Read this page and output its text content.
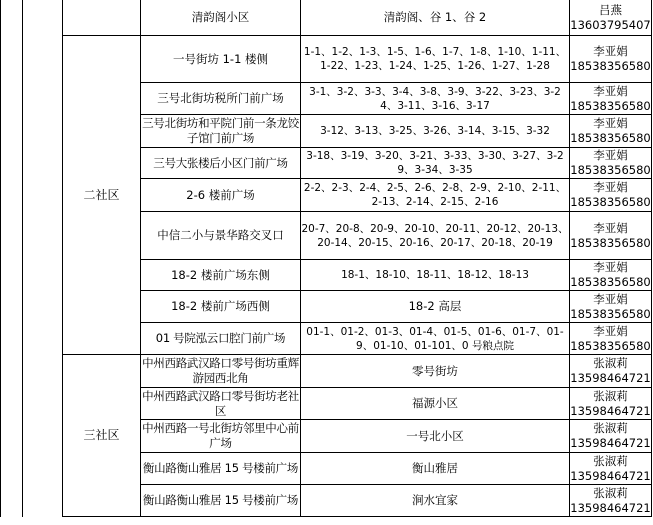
			清韵阁小区	清韵阁、谷 1、谷 2	吕燕
13603795407

		二社区	一号街坊 1-1 楼侧	1-1、1-2、1-3、1-5、1-6、1-7、1-8、1-10、1-11、1-22、1-23、1-24、1-25、1-26、1-27、1-28	李亚娟
18538356580

			三号北街坊税所门前广场	3-1、3-2、3-3、3-4、3-8、3-9、3-22、3-23、3-24、3-11、3-16、3-17	李亚娟
18538356580

			三号北街坊和平院门前一条龙饺子馆门前广场	3-12、3-13、3-25、3-26、3-14、3-15、3-32	李亚娟
18538356580

			三号大张楼后小区门前广场	3-18、3-19、3-20、3-21、3-33、3-30、3-27、3-29、3-34、3-35	李亚娟
18538356580

			2-6 楼前广场	2-2、2-3、2-4、2-5、2-6、2-8、2-9、2-10、2-11、2-13、2-14、2-15、2-16	李亚娟
18538356580

			中信二小与景华路交叉口	20-7、20-8、20-9、20-10、20-11、20-12、20-13、20-14、20-15、20-16、20-17、20-18、20-19	李亚娟
18538356580

			18-2 楼前广场东侧	18-1、18-10、18-11、18-12、18-13	李亚娟
18538356580

			18-2 楼前广场西侧	18-2 高层	李亚娟
18538356580

			01 号院泓云口腔门前广场	01-1、01-2、01-3、01-4、01-5、01-6、01-7、01-9、01-10、01-101、0 号粮点院	李亚娟
18538356580

		三社区	中州西路武汉路口零号街坊重辉游园西北角	零号街坊	张淑莉
13598464721

			中州西路武汉路口零号街坊老社区	福源小区	张淑莉
13598464721

			中州西路一号北街坊邻里中心前广场	一号北小区	张淑莉
13598464721

			衡山路衡山雅居 15 号楼前广场	衡山雅居	张淑莉
13598464721

			衡山路衡山雅居 15 号楼前广场	涧水宜家	张淑莉
13598464721
